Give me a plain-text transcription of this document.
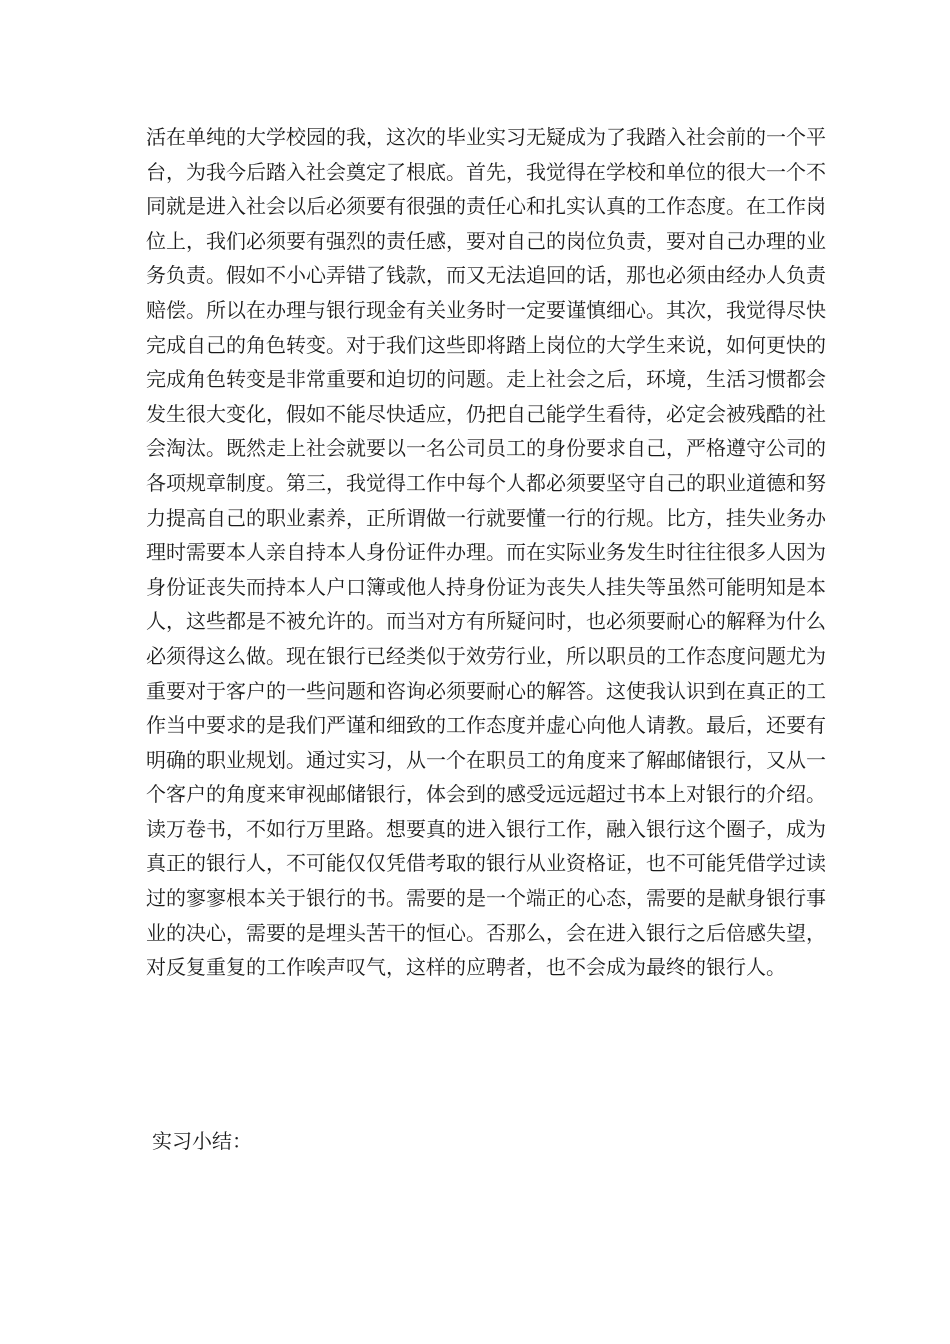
活在单纯的大学校园的我，这次的毕业实习无疑成为了我踏入社会前的一个平
台，为我今后踏入社会奠定了根底。首先，我觉得在学校和单位的很大一个不
同就是进入社会以后必须要有很强的责任心和扎实认真的工作态度。在工作岗
位上，我们必须要有强烈的责任感，要对自己的岗位负责，要对自己办理的业
务负责。假如不小心弄错了钱款，而又无法追回的话，那也必须由经办人负责
赔偿。所以在办理与银行现金有关业务时一定要谨慎细心。其次，我觉得尽快
完成自己的角色转变。对于我们这些即将踏上岗位的大学生来说，如何更快的
完成角色转变是非常重要和迫切的问题。走上社会之后，环境，生活习惯都会
发生很大变化，假如不能尽快适应，仍把自己能学生看待，必定会被残酷的社
会淘汰。既然走上社会就要以一名公司员工的身份要求自己，严格遵守公司的
各项规章制度。第三，我觉得工作中每个人都必须要坚守自己的职业道德和努
力提高自己的职业素养，正所谓做一行就要懂一行的行规。比方，挂失业务办
理时需要本人亲自持本人身份证件办理。而在实际业务发生时往往很多人因为
身份证丧失而持本人户口簿或他人持身份证为丧失人挂失等虽然可能明知是本
人，这些都是不被允许的。而当对方有所疑问时，也必须要耐心的解释为什么
必须得这么做。现在银行已经类似于效劳行业，所以职员的工作态度问题尤为
重要对于客户的一些问题和咨询必须要耐心的解答。这使我认识到在真正的工
作当中要求的是我们严谨和细致的工作态度并虚心向他人请教。最后，还要有
明确的职业规划。通过实习，从一个在职员工的角度来了解邮储银行，又从一
个客户的角度来审视邮储银行，体会到的感受远远超过书本上对银行的介绍。
读万卷书，不如行万里路。想要真的进入银行工作，融入银行这个圈子，成为
真正的银行人，不可能仅仅凭借考取的银行从业资格证，也不可能凭借学过读
过的寥寥根本关于银行的书。需要的是一个端正的心态，需要的是献身银行事
业的决心，需要的是埋头苦干的恒心。否那么，会在进入银行之后倍感失望，
对反复重复的工作唉声叹气，这样的应聘者，也不会成为最终的银行人。
实习小结：
